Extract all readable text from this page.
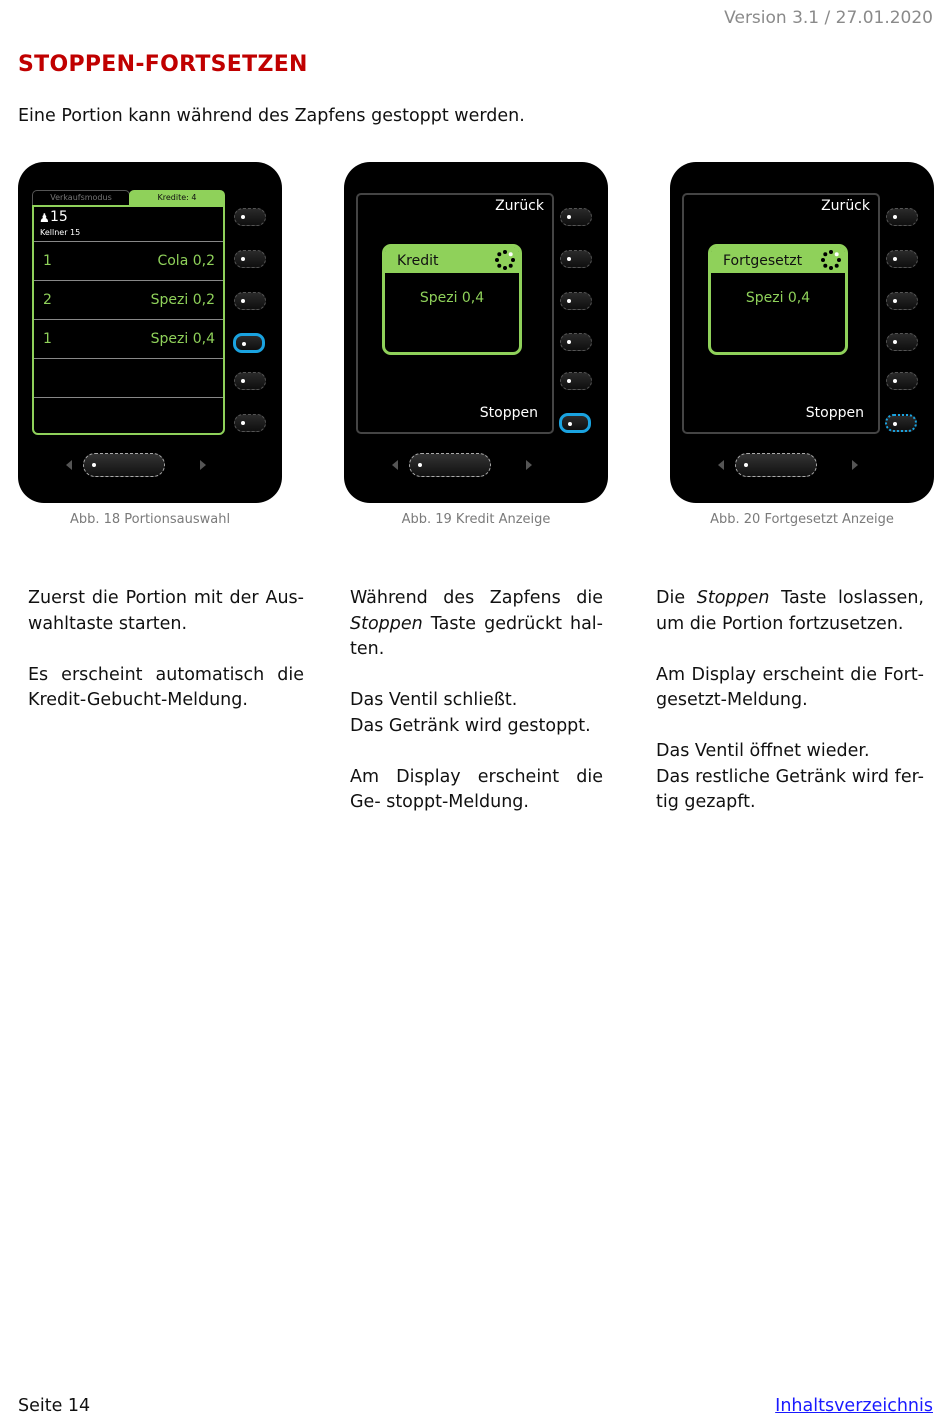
Version 3.1 / 27.01.2020
STOPPEN-FORTSETZEN
Eine Portion kann während des Zapfens gestoppt werden.
Verkaufsmodus	Kredite: 4
♟ 15
Kellner 15
1	Cola 0,2
2	Spezi 0,2
1	Spezi 0,4
Abb. 18 Portionsauswahl
Zurück
Kredit
Spezi 0,4
Stoppen
Abb. 19 Kredit Anzeige
Zurück
Fortgesetzt
Spezi 0,4
Stoppen
Abb. 20 Fortgesetzt Anzeige

Zuerst die Portion mit der Aus- wahltaste starten.

Es erscheint automatisch die Kredit-Gebucht-Meldung.

Während des Zapfens die Stoppen Taste gedrückt hal- ten.

Das Ventil schließt.
Das Getränk wird gestoppt.

Am Display erscheint die Ge- stoppt-Meldung.

Die Stoppen Taste loslassen, um die Portion fortzusetzen.

Am Display erscheint die Fort- gesetzt-Meldung.

Das Ventil öffnet wieder.
Das restliche Getränk wird fer- tig gezapft.

Seite 14	Inhaltsverzeichnis
